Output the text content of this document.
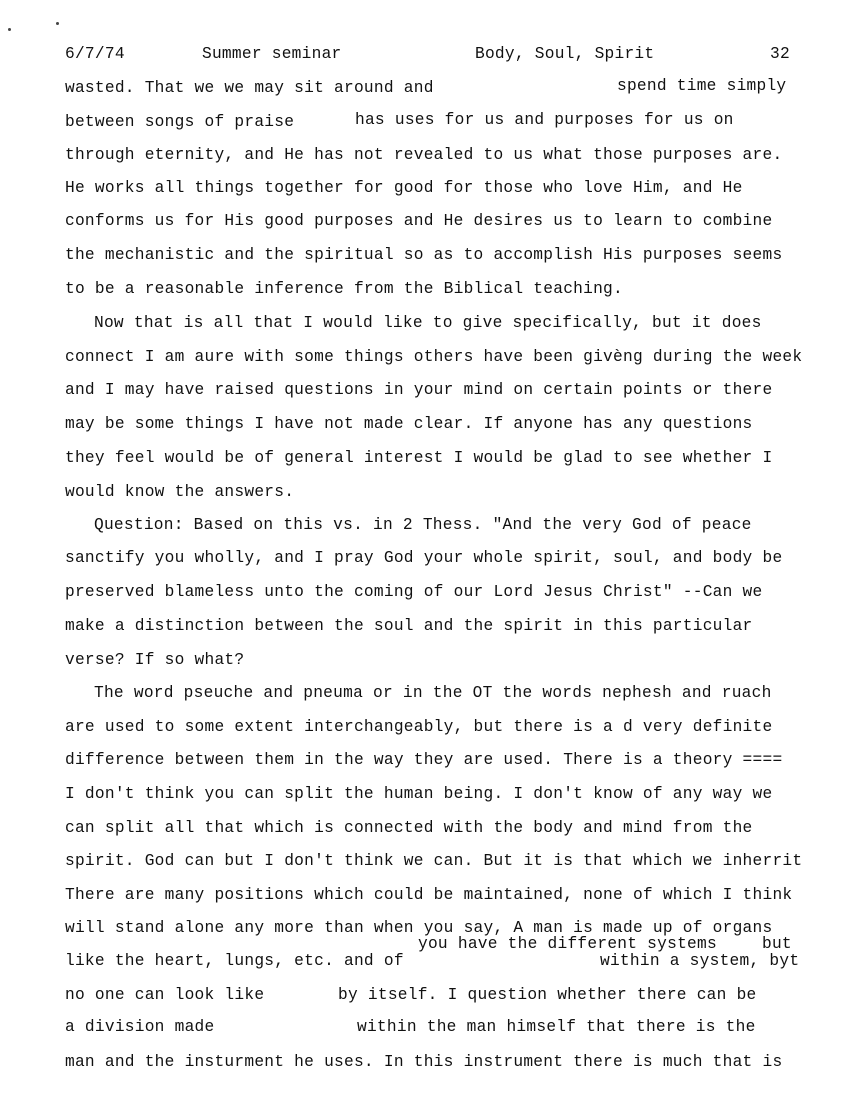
6/7/74	Summer seminar	Body, Soul, Spirit	32
wasted. That we we may sit around and	spend time simply
between songs of praise	has uses for us and purposes for us on
through eternity, and He has not revealed to us what those purposes are.
He works all things together for good for those who love Him, and He
conforms us for His good purposes and He desires us to learn to combine
the mechanistic and the spiritual so as to accomplish His purposes seems
to be a reasonable inference from the Biblical teaching.
Now that is all that I would like to give specifically, but it does
connect I am aure with some things others have been givèng during the week
and I may have raised questions in your mind on certain points or there
may be some things I have not made clear. If anyone has any questions
they feel would be of general interest I would be glad to see whether I
would know the answers.
Question: Based on this vs. in 2 Thess. "And the very God of peace
sanctify you wholly, and I pray God your whole spirit, soul, and body be
preserved blameless unto the coming of our Lord Jesus Christ" --Can we
make a distinction between the soul and the spirit in this particular
verse? If so what?
The word pseuche and pneuma or in the OT the words nephesh and ruach
are used to some extent interchangeably, but there is a d very definite
difference between them in the way they are used. There is a theory ====
I don't think you can split the human being. I don't know of any way we
can split all that which is connected with the body and mind from the
spirit. God can but I don't think we can. But it is that which we inherrit
There are many positions which could be maintained, none of which I think
will stand alone any more than when you say, A man is made up of organs
you have the different systems	but
like the heart, lungs, etc. and of	within a system, byt
no one can look like	by itself. I question whether there can be
a division made	within the man himself that there is the
man and the insturment he uses. In this instrument there is much that is
